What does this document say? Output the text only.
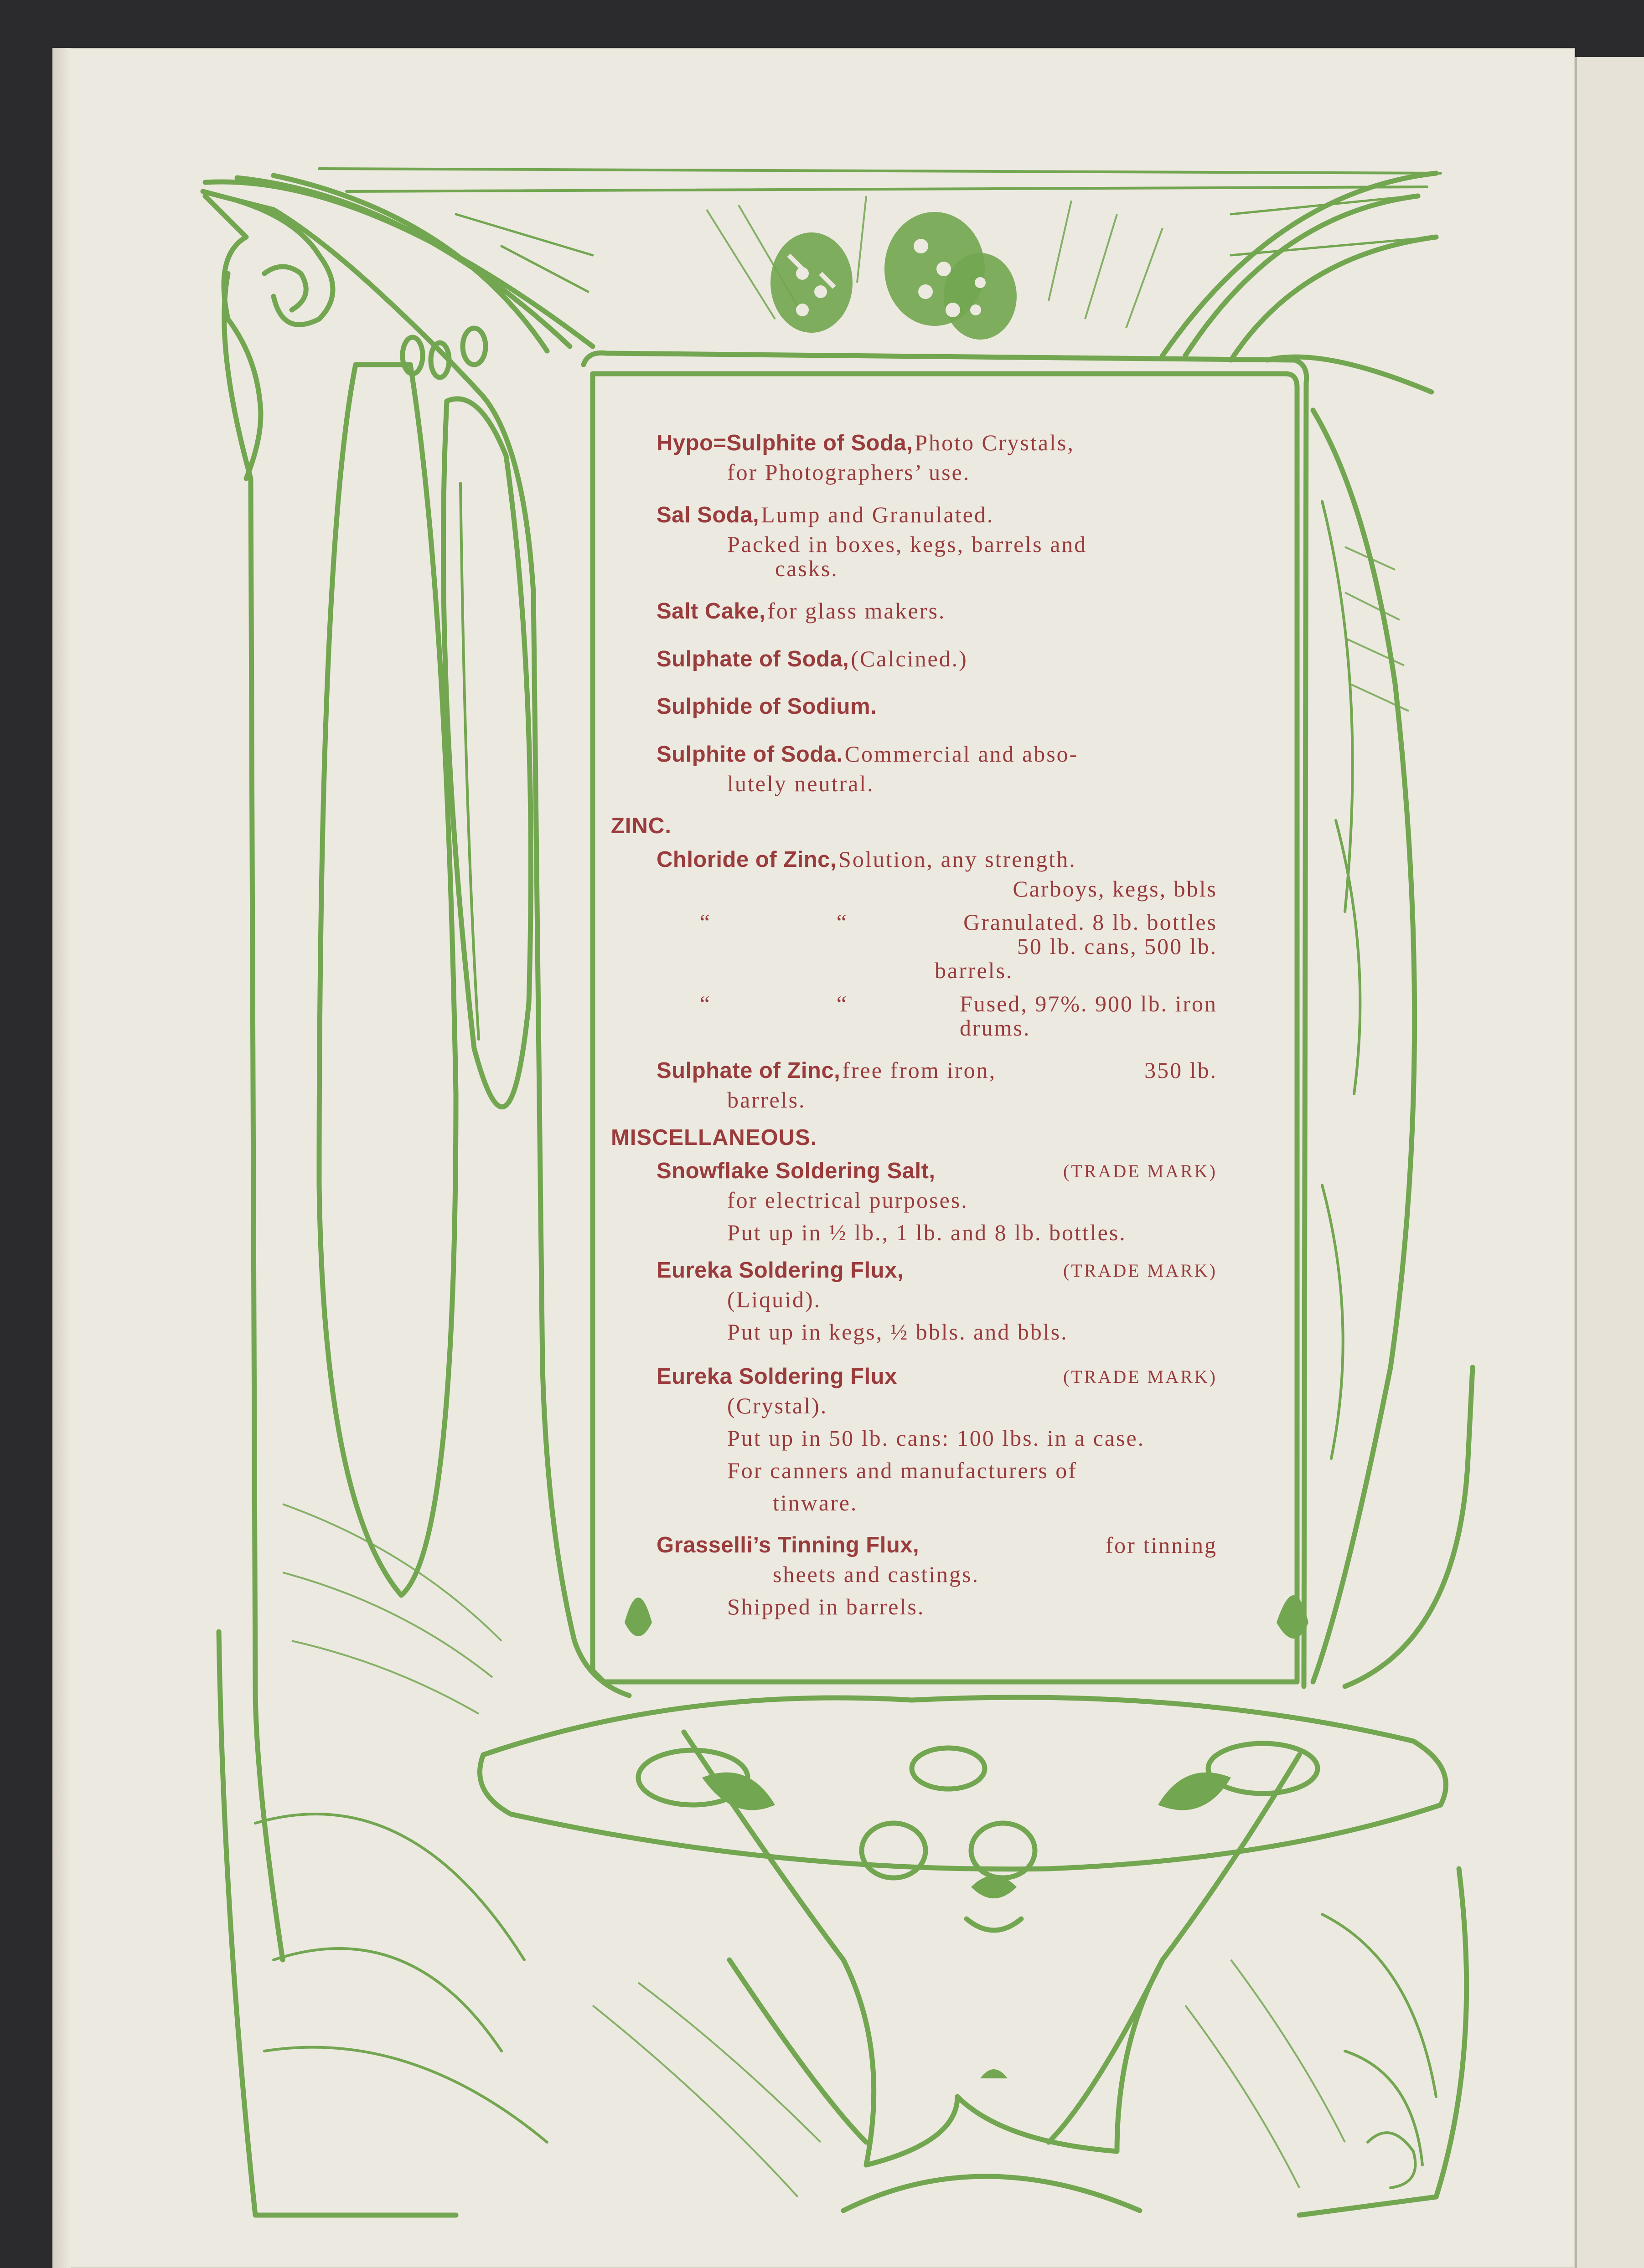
Hypo=Sulphite of Soda, Photo Crystals,
for Photographers’ use.
Sal Soda, Lump and Granulated.
Packed in boxes, kegs, barrels and
casks.
Salt Cake, for glass makers.
Sulphate of Soda, (Calcined.)
Sulphide of Sodium.
Sulphite of Soda. Commercial and abso-
lutely neutral.
ZINC.
Chloride of Zinc, Solution, any strength.
Carboys, kegs, bbls
“	“	Granulated. 8 lb. bottles
50 lb. cans, 500 lb.
barrels.
“	“	Fused, 97%. 900 lb. iron
drums.
Sulphate of Zinc, free from iron,	350 lb.
barrels.
MISCELLANEOUS.
Snowflake Soldering Salt,	(TRADE MARK)
for electrical purposes.
Put up in ½ lb., 1 lb. and 8 lb. bottles.
Eureka Soldering Flux,	(TRADE MARK)
(Liquid).
Put up in kegs, ½ bbls. and bbls.
Eureka Soldering Flux	(TRADE MARK)
(Crystal).
Put up in 50 lb. cans: 100 lbs. in a case.
For canners and manufacturers of
tinware.
Grasselli’s Tinning Flux,	for tinning
sheets and castings.
Shipped in barrels.
